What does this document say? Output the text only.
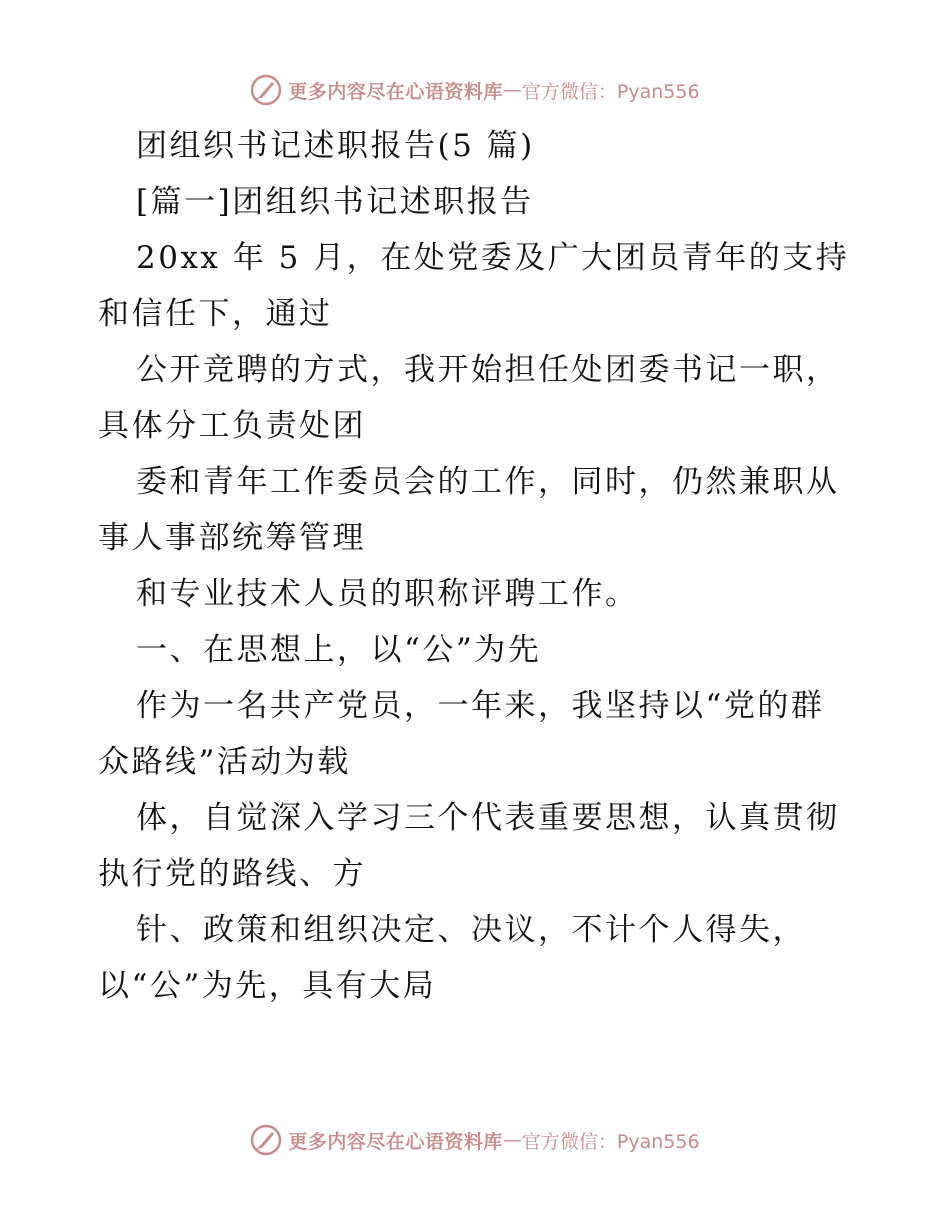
更多内容尽在心语资料库 — 官方微信：Pyan556
团组织书记述职报告(5 篇)
[篇一]团组织书记述职报告
20xx 年 5 月，在处党委及广大团员青年的支持
和信任下，通过
公开竞聘的方式，我开始担任处团委书记一职，
具体分工负责处团
委和青年工作委员会的工作，同时，仍然兼职从
事人事部统筹管理
和专业技术人员的职称评聘工作。
一、在思想上，以“公”为先
作为一名共产党员，一年来，我坚持以“党的群
众路线”活动为载
体，自觉深入学习三个代表重要思想，认真贯彻
执行党的路线、方
针、政策和组织决定、决议，不计个人得失，
以“公”为先，具有大局
更多内容尽在心语资料库 — 官方微信：Pyan556
